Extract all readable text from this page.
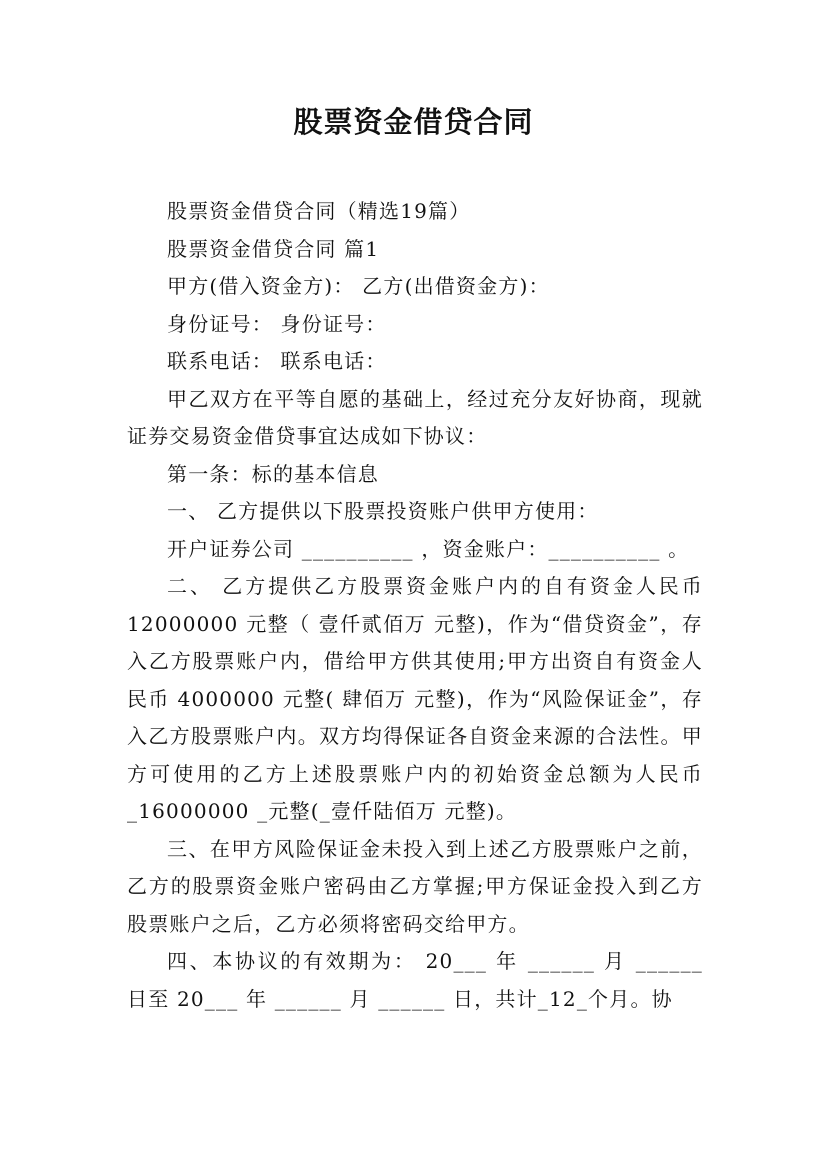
股票资金借贷合同

股票资金借贷合同（精选19篇）

股票资金借贷合同 篇1

甲方(借入资金方)： 乙方(出借资金方)：

身份证号： 身份证号：

联系电话： 联系电话：

甲乙双方在平等自愿的基础上，经过充分友好协商，现就证券交易资金借贷事宜达成如下协议：

第一条：标的基本信息

一、 乙方提供以下股票投资账户供甲方使用：

开户证券公司 __________ ，资金账户：__________ 。

二、 乙方提供乙方股票资金账户内的自有资金人民币 12000000 元整（ 壹仟贰佰万 元整)，作为“借贷资金”，存入乙方股票账户内，借给甲方供其使用;甲方出资自有资金人民币 4000000 元整( 肆佰万 元整)，作为“风险保证金”，存入乙方股票账户内。双方均得保证各自资金来源的合法性。甲方可使用的乙方上述股票账户内的初始资金总额为人民币_16000000 _元整(_壹仟陆佰万 元整)。

三、在甲方风险保证金未投入到上述乙方股票账户之前，乙方的股票资金账户密码由乙方掌握;甲方保证金投入到乙方股票账户之后，乙方必须将密码交给甲方。

四、本协议的有效期为： 20___ 年 ______ 月 ______ 日至 20___ 年 ______ 月 ______ 日，共计_12_个月。协
